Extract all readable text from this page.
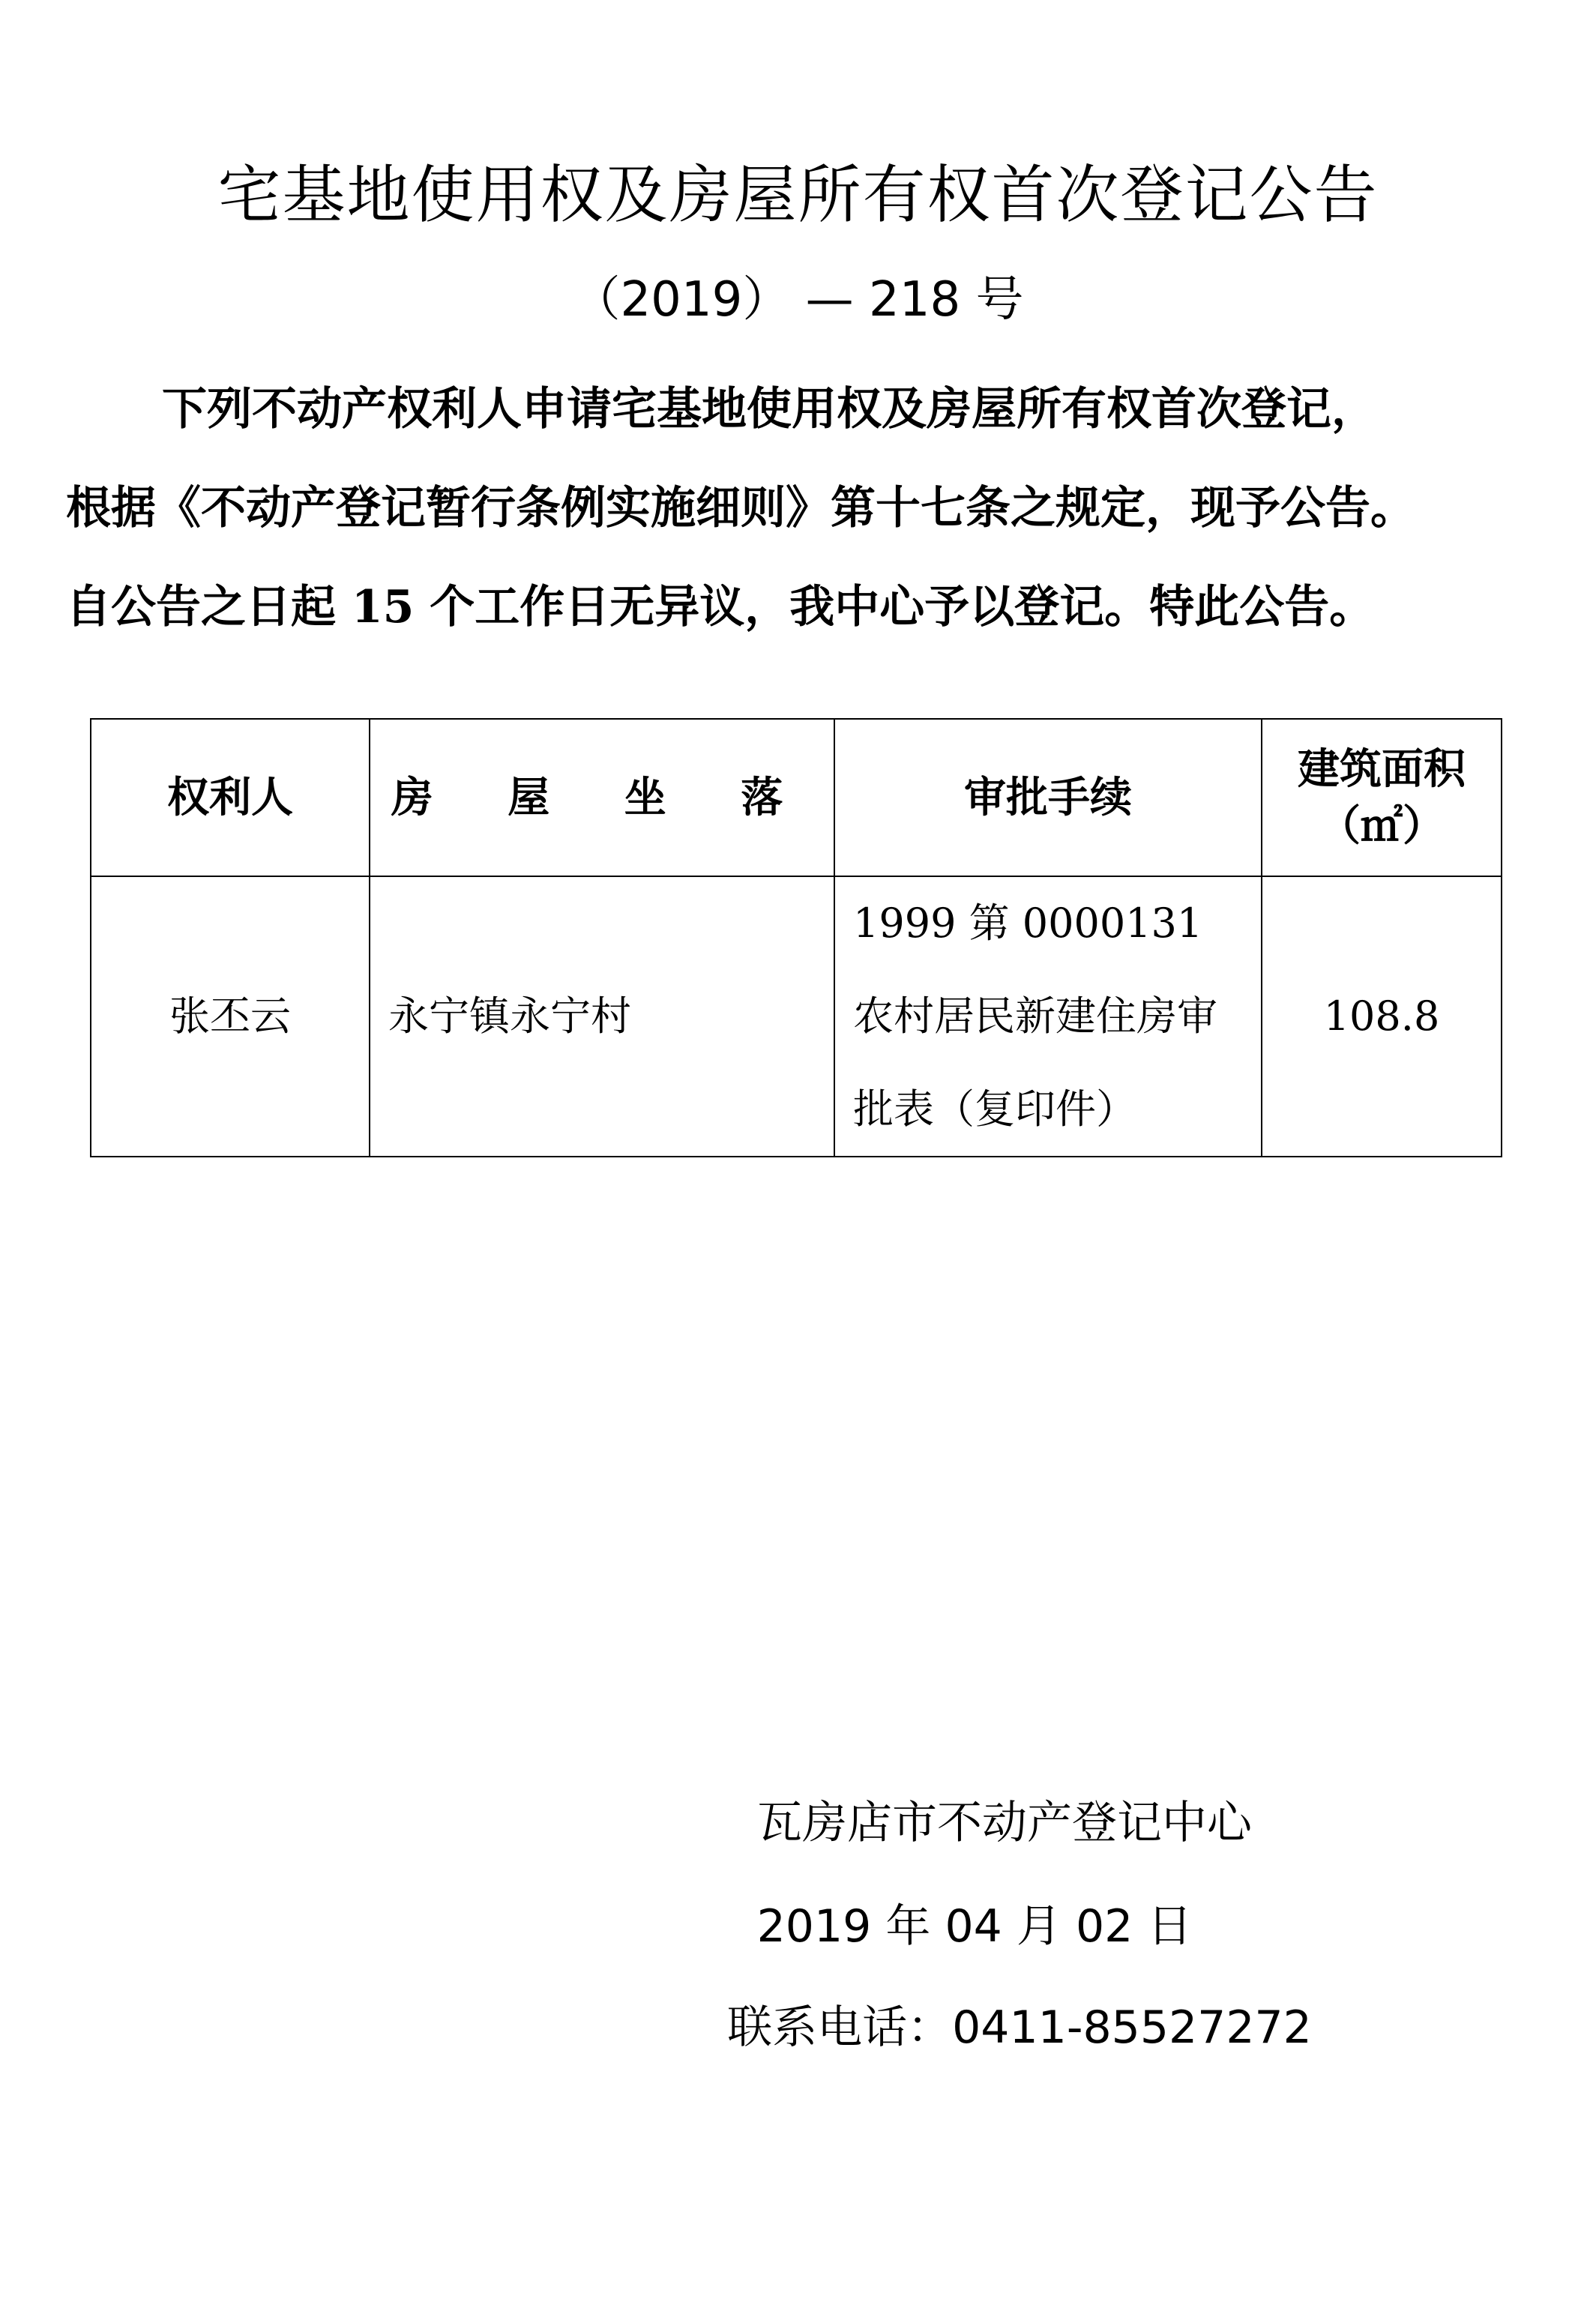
宅基地使用权及房屋所有权首次登记公告
（2019） — 218 号
下列不动产权利人申请宅基地使用权及房屋所有权首次登记，
根据《不动产登记暂行条例实施细则》第十七条之规定，现予公告。
自公告之日起 15 个工作日无异议，我中心予以登记。特此公告。
权利人	房 屋 坐 落	审批手续	建筑面积（㎡）
张丕云	永宁镇永宁村	1999 第 0000131 农村居民新建住房审批表（复印件）	108.8
瓦房店市不动产登记中心
2019 年 04 月 02 日
联系电话：0411-85527272
